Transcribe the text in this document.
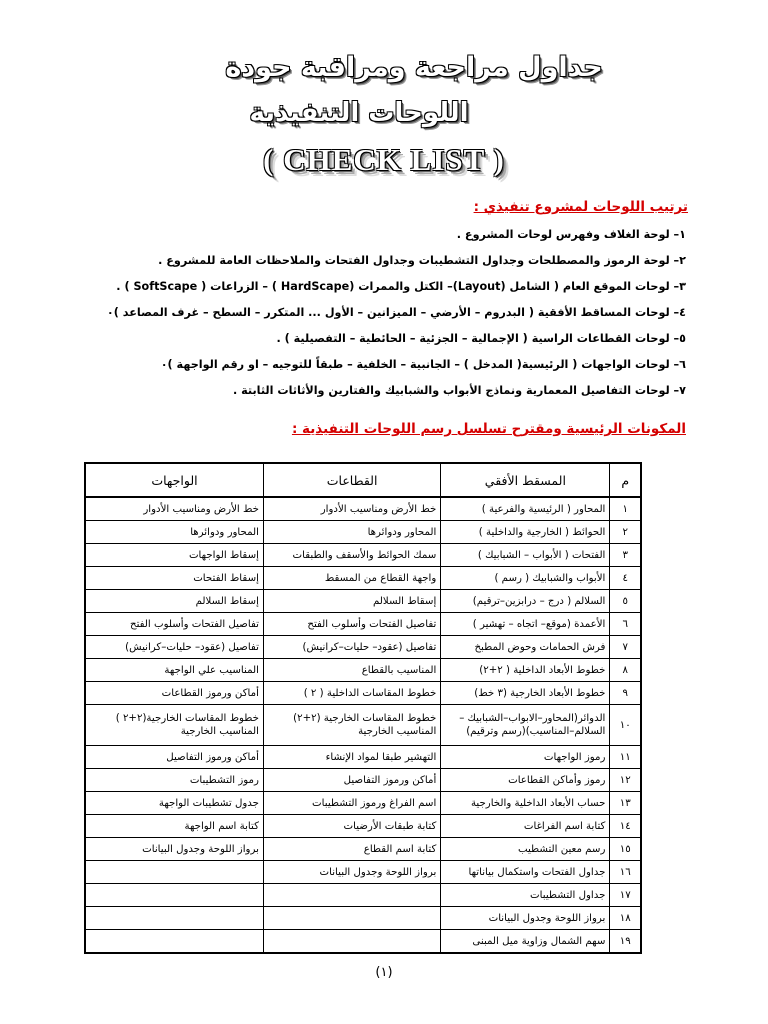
جداول مراجعة ومراقبة جودة
اللوحات التنفيذية
( CHECK LIST )
ترتيب اللوحات لمشروع تنفيذي :
١– لوحة الغلاف وفهرس لوحات المشروع .
٢– لوحة الرموز والمصطلحات وجداول التشطيبات وجداول الفتحات والملاحظات العامة للمشروع .
٣– لوحات الموقع العام ( الشامل (Layout)– الكتل والممرات (HardScape ) – الزراعات ( SoftScape ) .
٤– لوحات المساقط الأفقية ( البدروم – الأرضي – الميزانين – الأول ... المتكرر – السطح – غرف المصاعد )٠
٥– لوحات القطاعات الراسية ( الإجمالية – الجزئية – الحائطية – التفصيلية ) .
٦– لوحات الواجهات ( الرئيسية( المدخل ) – الجانبية – الخلفية – طبقاً للتوجيه – او رقم الواجهة )٠
٧– لوحات التفاصيل المعمارية ونماذج الأبواب والشبابيك والفتارين والأثاثات الثابتة .
المكونات الرئيسية ومقترح تسلسل رسم اللوحات التنفيذية :
م	المسقط الأفقي	القطاعات	الواجهات
١	المحاور ( الرئيسية والفرعية )	خط الأرض ومناسيب الأدوار	خط الأرض ومناسيب الأدوار
٢	الحوائط ( الخارجية والداخلية )	المحاور ودوائرها	المحاور ودوائرها
٣	الفتحات ( الأبواب – الشبابيك )	سمك الحوائط والأسقف والطبقات	إسقاط الواجهات
٤	الأبواب والشبابيك ( رسم )	واجهة القطاع من المسقط	إسقاط الفتحات
٥	السلالم ( درج – درابزين–ترقيم)	إسقاط السلالم	إسقاط السلالم
٦	الأعمدة (موقع– اتجاه – تهشير )	تفاصيل الفتحات وأسلوب الفتح	تفاصيل الفتحات وأسلوب الفتح
٧	فرش الحمامات وحوض المطبخ	تفاصيل (عقود– حليات–كرانيش)	تفاصيل (عقود– حليات–كرانيش)
٨	خطوط الأبعاد الداخلية ( ٢+٢)	المناسيب بالقطاع	المناسيب علي الواجهة
٩	خطوط الأبعاد الخارجية (٣ خط)	خطوط المقاسات الداخلية ( ٢ )	أماكن ورموز القطاعات
١٠	الدوائر(المحاور–الابواب–الشبابيك – السلالم–المناسيب)(رسم وترقيم)	خطوط المقاسات الخارجية (٢+٢) المناسيب الخارجية	خطوط المقاسات الخارجية(٢+٢ ) المناسيب الخارجية
١١	رموز الواجهات	التهشير طبقا لمواد الإنشاء	أماكن ورموز التفاصيل
١٢	رموز وأماكن القطاعات	أماكن ورموز التفاصيل	رموز التشطيبات
١٣	حساب الأبعاد الداخلية والخارجية	اسم الفراغ ورموز التشطيبات	جدول تشطيبات الواجهة
١٤	كتابة اسم الفراغات	كتابة طبقات الأرضيات	كتابة اسم الواجهة
١٥	رسم معين التشطيب	كتابة اسم القطاع	برواز اللوحة وجدول البيانات
١٦	جداول الفتحات واستكمال بياناتها	برواز اللوحة وجدول البيانات	
١٧	جداول التشطيبات		
١٨	برواز اللوحة وجدول البيانات		
١٩	سهم الشمال وزاوية ميل المبنى		
(١)
